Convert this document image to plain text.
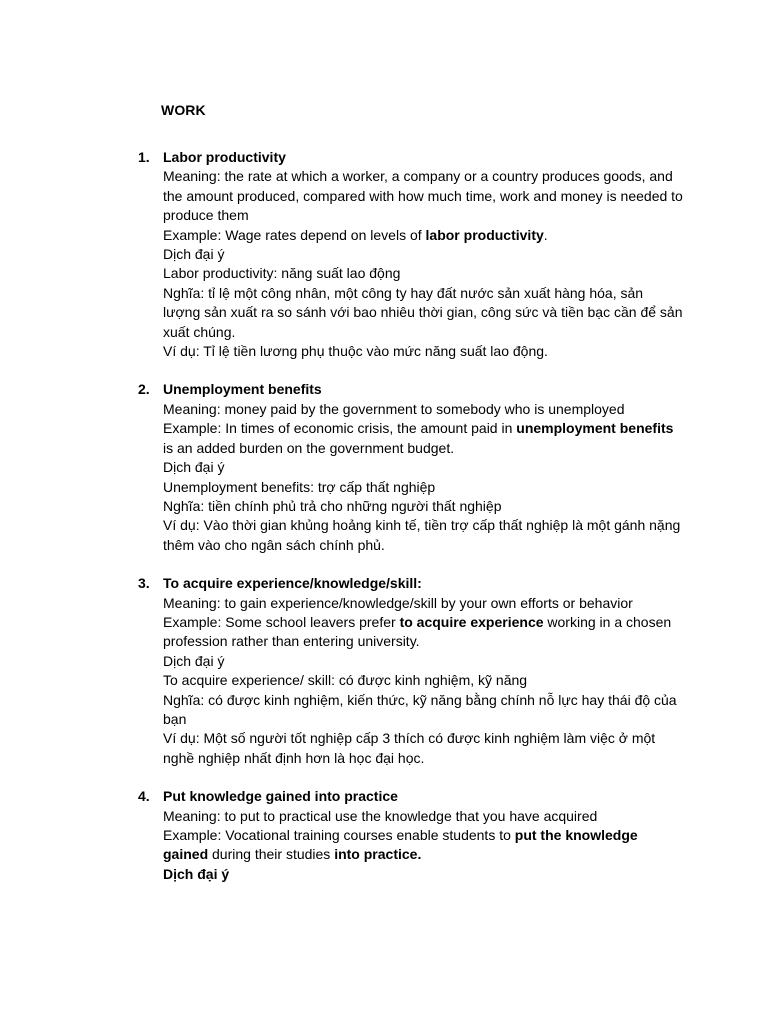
WORK
1. Labor productivity
Meaning: the rate at which a worker, a company or a country produces goods, and the amount produced, compared with how much time, work and money is needed to produce them
Example: Wage rates depend on levels of labor productivity.
Dịch đại ý
Labor productivity: năng suất lao động
Nghĩa: tỉ lệ một công nhân, một công ty hay đất nước sản xuất hàng hóa, sản lượng sản xuất ra so sánh với bao nhiêu thời gian, công sức và tiền bạc cần để sản xuất chúng.
Ví dụ: Tỉ lệ tiền lương phụ thuộc vào mức năng suất lao động.
2. Unemployment benefits
Meaning: money paid by the government to somebody who is unemployed
Example: In times of economic crisis, the amount paid in unemployment benefits is an added burden on the government budget.
Dịch đại ý
Unemployment benefits: trợ cấp thất nghiệp
Nghĩa: tiền chính phủ trả cho những người thất nghiệp
Ví dụ: Vào thời gian khủng hoảng kinh tế, tiền trợ cấp thất nghiệp là một gánh nặng thêm vào cho ngân sách chính phủ.
3. To acquire experience/knowledge/skill:
Meaning: to gain experience/knowledge/skill by your own efforts or behavior
Example: Some school leavers prefer to acquire experience working in a chosen profession rather than entering university.
Dịch đại ý
To acquire experience/ skill: có được kinh nghiệm, kỹ năng
Nghĩa: có được kinh nghiệm, kiến thức, kỹ năng bằng chính nỗ lực hay thái độ của bạn
Ví dụ: Một số người tốt nghiệp cấp 3 thích có được kinh nghiệm làm việc ở một nghề nghiệp nhất định hơn là học đại học.
4. Put knowledge gained into practice
Meaning: to put to practical use the knowledge that you have acquired
Example: Vocational training courses enable students to put the knowledge gained during their studies into practice.
Dịch đại ý
